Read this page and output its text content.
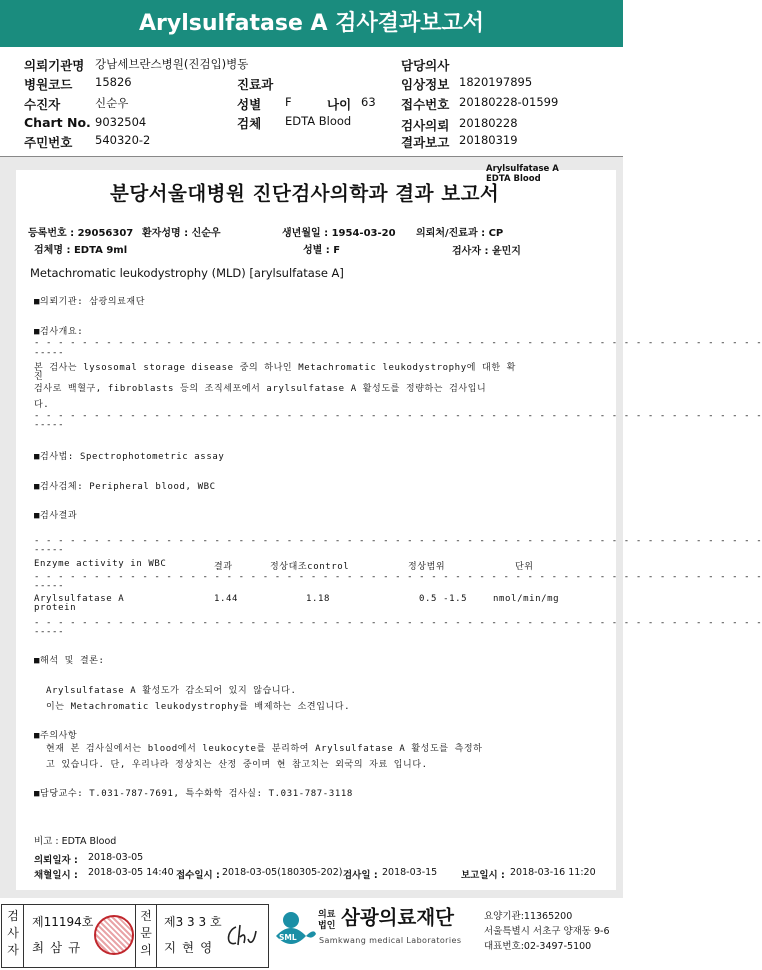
Arylsulfatase A 검사결과보고서
의뢰기관명 강남세브란스병원(진검입)병동	담당의사
병원코드 15826	진료과	임상정보 1820197895
수진자	신순우	성별 F	나이 63 접수번호 20180228-01599
Chart No. 9032504	검체 EDTA Blood	검사의뢰 20180228
주민번호 540320-2	결과보고 20180319
분당서울대병원 진단검사의학과 결과 보고서
Arylsulfatase A
EDTA Blood
등록번호 : 29056307 환자성명 : 신순우	생년월일 : 1954-03-20 의뢰처/진료과 : CP
검체명 : EDTA 9ml	성별 : F	검사자 : 윤민지
Metachromatic leukodystrophy (MLD) [arylsulfatase A]
■의뢰기관: 삼광의료재단
■검사개요:
- - - - - - - - - - - - - - - - - - - - - - - - - - - - - - - - - - - - - - - - - - - - - - - - - - - - - - - - - - - - -
-----
본 검사는 lysosomal storage disease 중의 하나인 Metachromatic leukodystrophy에 대한 확
진
검사로 백혈구, fibroblasts 등의 조직세포에서 arylsulfatase A 활성도를 정량하는 검사입니
다.
- - - - - - - - - - - - - - - - - - - - - - - - - - - - - - - - - - - - - - - - - - - - - - - - - - - - - - - - - - - - -
-----
■검사법: Spectrophotometric assay
■검사검체: Peripheral blood, WBC
■검사결과
- - - - - - - - - - - - - - - - - - - - - - - - - - - - - - - - - - - - - - - - - - - - - - - - - - - - - - - - - - - - -
-----
Enzyme activity in WBC	결과	정상대조control	정상범위	단위
- - - - - - - - - - - - - - - - - - - - - - - - - - - - - - - - - - - - - - - - - - - - - - - - - - - - - - - - - - - - -
-----
Arylsulfatase A
protein
1.44	1.18	0.5 -1.5	nmol/min/mg
- - - - - - - - - - - - - - - - - - - - - - - - - - - - - - - - - - - - - - - - - - - - - - - - - - - - - - - - - - - - -
-----
■해석 및 결론:
Arylsulfatase A 활성도가 감소되어 있지 않습니다.
이는 Metachromatic leukodystrophy를 배제하는 소견입니다.
■주의사항
현재 본 검사실에서는 blood에서 leukocyte를 분리하여 Arylsulfatase A 활성도를 측정하
고 있습니다. 단, 우리나라 정상치는 산정 중이며 현 참고치는 외국의 자료 입니다.
■담당교수: T.031-787-7691, 특수화학 검사실: T.031-787-3118
비고 : EDTA Blood
의뢰일자 : 2018-03-05
채혈일시 : 2018-03-05 14:40 접수일시 : 2018-03-05(180305-202) 검사일 : 2018-03-15	보고일시 : 2018-03-16 11:20
검
사
자
제11194호
최 삼 규
전
문
의
제3 3 3 호
지 현 영
SML
의료
법인 삼광의료재단
Samkwang medical Laboratories
요양기관:11365200
서울특별시 서초구 양재동 9-6
대표번호:02-3497-5100
